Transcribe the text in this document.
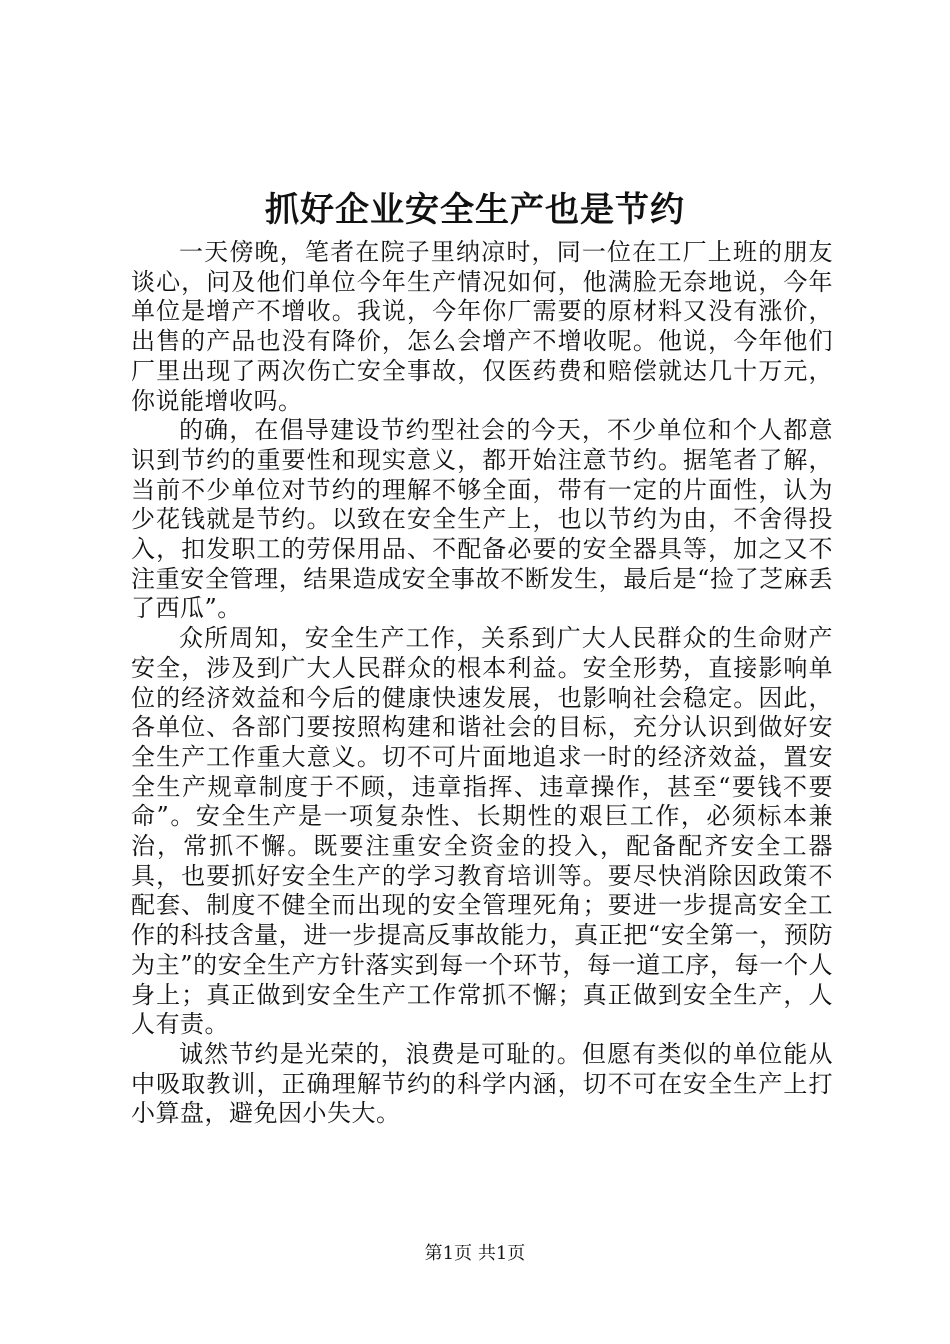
抓好企业安全生产也是节约

一天傍晚，笔者在院子里纳凉时，同一位在工厂上班的朋友谈心，问及他们单位今年生产情况如何，他满脸无奈地说，今年单位是增产不增收。我说，今年你厂需要的原材料又没有涨价，出售的产品也没有降价，怎么会增产不增收呢。他说，今年他们厂里出现了两次伤亡安全事故，仅医药费和赔偿就达几十万元，你说能增收吗。

的确，在倡导建设节约型社会的今天，不少单位和个人都意识到节约的重要性和现实意义，都开始注意节约。据笔者了解，当前不少单位对节约的理解不够全面，带有一定的片面性，认为少花钱就是节约。以致在安全生产上，也以节约为由，不舍得投入，扣发职工的劳保用品、不配备必要的安全器具等，加之又不注重安全管理，结果造成安全事故不断发生，最后是“捡了芝麻丢了西瓜”。

众所周知，安全生产工作，关系到广大人民群众的生命财产安全，涉及到广大人民群众的根本利益。安全形势，直接影响单位的经济效益和今后的健康快速发展，也影响社会稳定。因此，各单位、各部门要按照构建和谐社会的目标，充分认识到做好安全生产工作重大意义。切不可片面地追求一时的经济效益，置安全生产规章制度于不顾，违章指挥、违章操作，甚至“要钱不要命”。安全生产是一项复杂性、长期性的艰巨工作，必须标本兼治，常抓不懈。既要注重安全资金的投入，配备配齐安全工器具，也要抓好安全生产的学习教育培训等。要尽快消除因政策不配套、制度不健全而出现的安全管理死角；要进一步提高安全工作的科技含量，进一步提高反事故能力，真正把“安全第一，预防为主”的安全生产方针落实到每一个环节，每一道工序，每一个人身上；真正做到安全生产工作常抓不懈；真正做到安全生产，人人有责。

诚然节约是光荣的，浪费是可耻的。但愿有类似的单位能从中吸取教训，正确理解节约的科学内涵，切不可在安全生产上打小算盘，避免因小失大。

第1页 共1页
